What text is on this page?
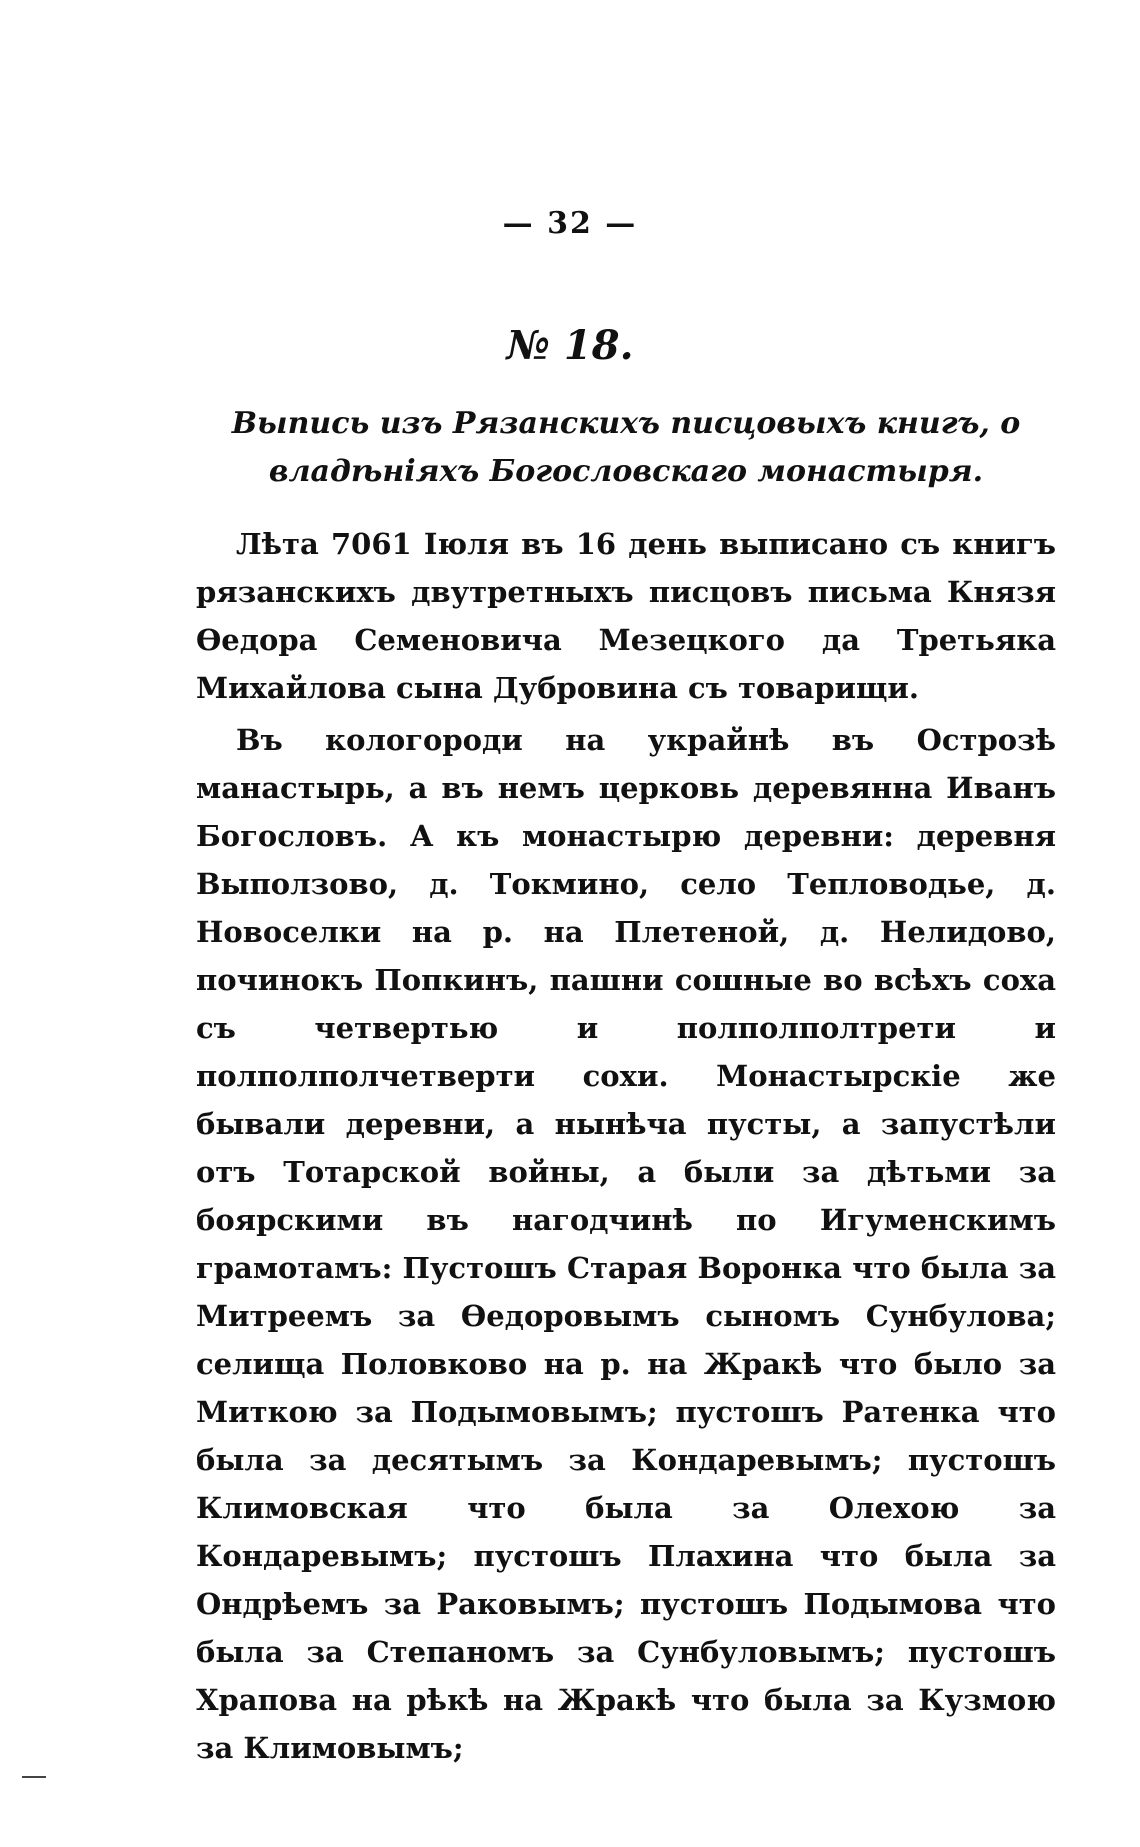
— 32 —
№ 18.
Выпись изъ Рязанскихъ писцовыхъ книгъ, о владѣнiяхъ Богословскаго монастыря.

Лѣта 7061 Iюля въ 16 день выписано съ книгъ рязанскихъ двутретныхъ писцовъ письма Князя Өедора Семеновича Мезецкого да Третьяка Михайлова сына Дубровина съ товарищи.

Въ кологороди на украйнѣ въ Острозѣ манастырь, а въ немъ церковь деревянна Иванъ Богословъ. А къ монастырю деревни: деревня Выползово, д. Токмино, село Тепловодье, д. Новоселки на р. на Плетеной, д. Нелидово, починокъ Попкинъ, пашни сошные во всѣхъ соха съ четвертью и полполполтрети и полполполчетверти сохи. Монастырскiе же бывали деревни, а нынѣча пусты, а запустѣли отъ Тотарской войны, а были за дѣтьми за боярскими въ нагодчинѣ по Игуменскимъ грамотамъ: Пустошъ Старая Воронка что была за Митреемъ за Өедоровымъ сыномъ Сунбулова; селища Половково на р. на Жракѣ что было за Миткою за Подымовымъ; пустошъ Ратенка что была за десятымъ за Кондаревымъ; пустошъ Климовская что была за Олехою за Кондаревымъ; пустошъ Плахина что была за Ондрѣемъ за Раковымъ; пустошъ Подымова что была за Степаномъ за Сунбуловымъ; пустошъ Храпова на рѣкѣ на Жракѣ что была за Кузмою за Климовымъ;
